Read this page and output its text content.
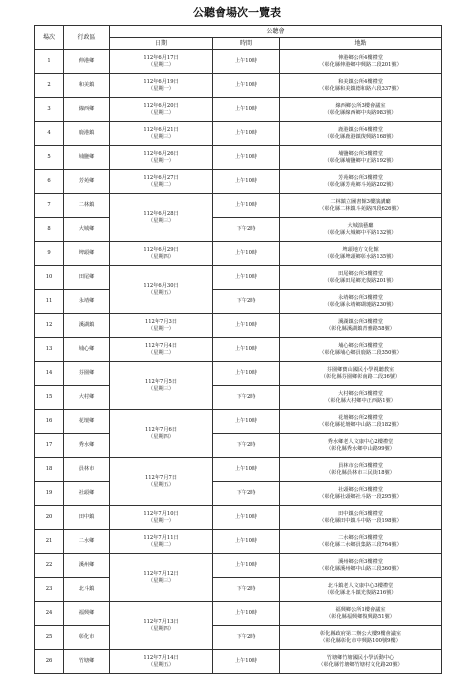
公聽會場次一覽表
場次	行政區	公聽會		
		日期	時間	地點
1	伸港鄉	112年6月17日
（星期二）	上午10時	伸港鄉公所4樓禮堂
（彰化縣伸港鄉中興路二段201號）

2	和美鎮	112年6月19日
（星期一）	上午10時	和美鎮公所4樓禮堂
（彰化縣和美鎮德和路六段337號）

3	線西鄉	112年6月20日
（星期二）	上午10時	線西鄉公所3樓會議室
（彰化縣線西鄉中央路983號）

4	鹿港鎮	112年6月21日
（星期三）	上午10時	鹿港鎮公所4樓禮堂
（彰化縣鹿港鎮復興路168號）

5	埔鹽鄉	112年6月26日
（星期一）	上午10時	埔鹽鄉公所3樓禮堂
（彰化縣埔鹽鄉中正路192號）

6	芳苑鄉	112年6月27日
（星期二）	上午10時	芳苑鄉公所3樓禮堂
（彰化縣芳苑鄉斗苑路202號）

7	二林鎮	112年6月28日
（星期三）	上午10時	二林鎮立圖書館3樓演講廳
（彰化縣二林鎮斗苑路四段626號）

8	大城鄉		下午2時	大城演藝廳
（彰化縣大城鄉中平路132號）

9	埤頭鄉	112年6月29日
（星期四）	上午10時	埤頭地方文化館
（彰化縣埤頭鄉彰水路135號）

10	田尾鄉	112年6月30日
（星期五）	上午10時	田尾鄉公所3樓禮堂
（彰化縣田尾鄉光復路201號）

11	永靖鄉		下午2時	永靖鄉公所3樓禮堂
（彰化縣永靖鄉瑚璉路230號）

12	溪湖鎮	112年7月3日
（星期一）	上午10時	溪湖鎮公所3樓禮堂
（彰化縣溪湖鎮青雅路58號）

13	埔心鄉	112年7月4日
（星期二）	上午10時	埔心鄉公所3樓禮堂
（彰化縣埔心鄉員鹿路二段350號）

14	芬園鄉	112年7月5日
（星期三）	上午10時	芬園鄉寶山國民小學視聽教室
（彰化縣芬園鄉彰南路二段36號）

15	大村鄉		下午2時	大村鄉公所3樓禮堂
（彰化縣大村鄉中正西路1號）

16	花壇鄉	112年7月6日
（星期四）	上午10時	花壇鄉公所2樓禮堂
（彰化縣花壇鄉中山路二段182號）

17	秀水鄉		下午2時	秀水鄉老人文康中心2樓禮堂
（彰化縣秀水鄉中山路99號）

18	員林市	112年7月7日
（星期五）	上午10時	員林市公所3樓禮堂
（彰化縣員林市三民街18號）

19	社頭鄉		下午2時	社頭鄉公所3樓禮堂
（彰化縣社頭鄉社斗路一段295號）

20	田中鎮	112年7月10日
（星期一）	上午10時	田中鎮公所3樓禮堂
（彰化縣田中鎮斗中路一段198號）

21	二水鄉	112年7月11日
（星期二）	上午10時	二水鄉公所3樓禮堂
（彰化縣二水鄉員集路三段764號）

22	溪州鄉	112年7月12日
（星期三）	上午10時	溪州鄉公所3樓禮堂
（彰化縣溪州鄉中山路三段360號）

23	北斗鎮		下午2時	北斗鎮老人文康中心3樓禮堂
（彰化縣北斗鎮光復路216號）

24	福興鄉	112年7月13日
（星期四）	上午10時	福興鄉公所1樓會議室
（彰化縣福興鄉復興路51號）

25	彰化市		下午2時	彰化縣政府第二辦公大樓9樓會議室
（彰化縣彰化市中興路100號9樓）

26	竹塘鄉	112年7月14日
（星期五）	上午10時	竹塘鄉竹塘國民小學活動中心
（彰化縣竹塘鄉竹塘村文化路20號）
